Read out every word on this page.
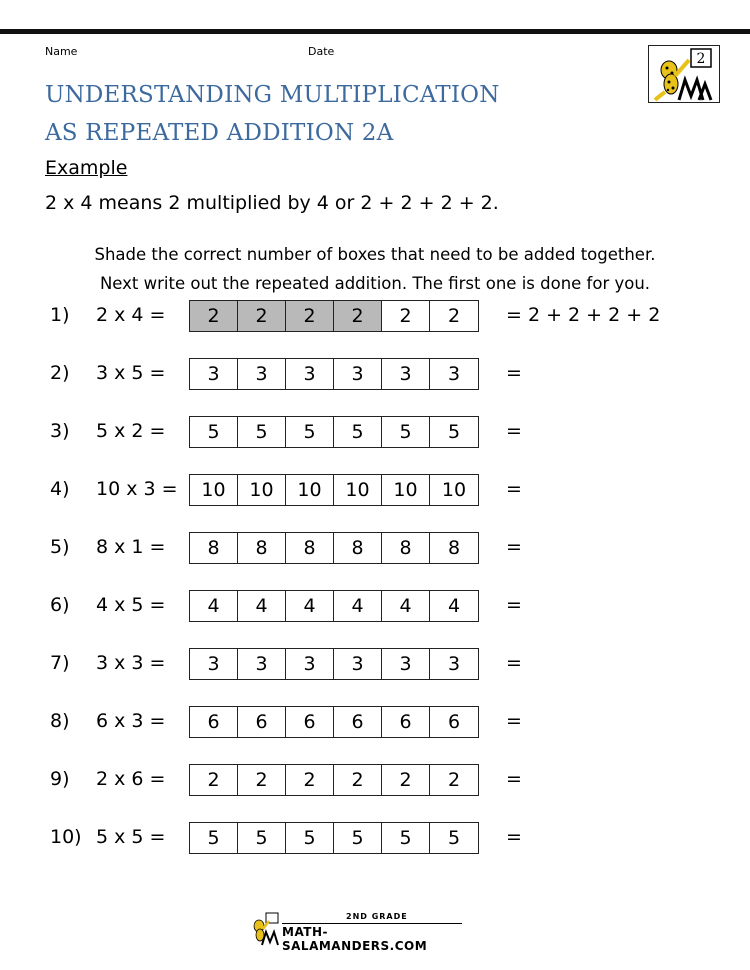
Name	Date
UNDERSTANDING MULTIPLICATION
AS REPEATED ADDITION 2A
2
Example
2 x 4 means 2 multiplied by 4 or 2 + 2 + 2 + 2.
Shade the correct number of boxes that need to be added together.
Next write out the repeated addition. The first one is done for you.
1) 2 x 4 =	2	2	2	2	2	2	= 2 + 2 + 2 + 2
2) 3 x 5 =	3	3	3	3	3	3	=
3) 5 x 2 =	5	5	5	5	5	5	=
4) 10 x 3 =	10	10	10	10	10	10	=
5) 8 x 1 =	8	8	8	8	8	8	=
6) 4 x 5 =	4	4	4	4	4	4	=
7) 3 x 3 =	3	3	3	3	3	3	=
8) 6 x 3 =	6	6	6	6	6	6	=
9) 2 x 6 =	2	2	2	2	2	2	=
10) 5 x 5 =	5	5	5	5	5	5	=
2ND GRADE
MATH-SALAMANDERS.COM
